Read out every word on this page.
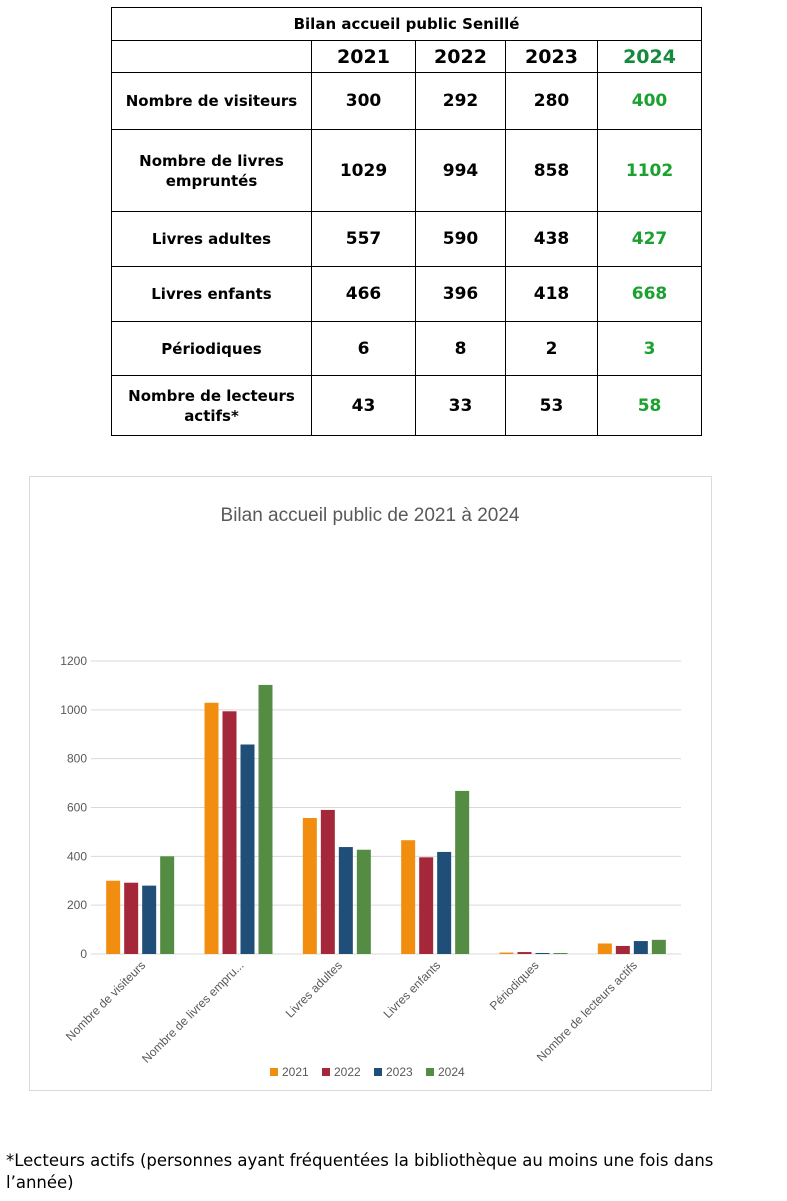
Bilan accueil public Senillé				
	2021	2022	2023	2024
Nombre de visiteurs	300	292	280	400
Nombre de livres empruntés	1029	994	858	1102
Livres adultes	557	590	438	427
Livres enfants	466	396	418	668
Périodiques	6	8	2	3
Nombre de lecteurs actifs*	43	33	53	58
Bilan accueil public de 2021 à 2024
0
200
400
600
800
1000
1200
Nombre de visiteurs
Nombre de livres empru...	Livres adultes	Livres enfants	Périodiques
Nombre de lecteurs actifs
2021 2022 2023 2024
*Lecteurs actifs (personnes ayant fréquentées la bibliothèque au moins une fois dans l’année)
